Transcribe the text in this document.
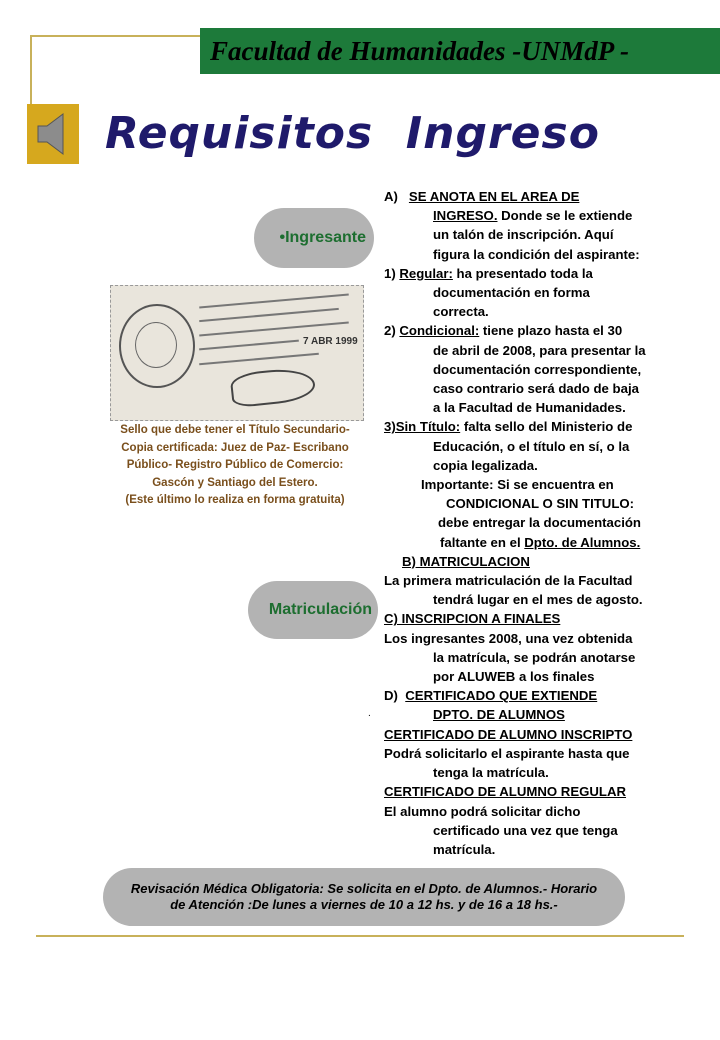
Facultad de Humanidades -UNMdP -
Requisitos  Ingreso
•Ingresante
7 ABR 1999
Sello que debe tener el Título Secundario-
Copia certificada: Juez de Paz- Escribano
Público- Registro Público de Comercio:
Gascón y Santiago del Estero.
(Este último lo realiza en forma gratuita)
Matriculación
.

A)   SE ANOTA EN EL AREA DE

INGRESO. Donde se le extiende

un talón de inscripción. Aquí

figura la condición del aspirante:

1) Regular: ha presentado toda la

documentación en forma

correcta.

2) Condicional: tiene plazo hasta el 30

de abril de 2008, para presentar la

documentación correspondiente,

caso contrario será dado de baja

a la Facultad de Humanidades.

3)Sin Título: falta sello del Ministerio de

Educación, o el título en sí, o la

copia legalizada.

Importante: Si se encuentra en

CONDICIONAL O SIN TITULO:

debe entregar la documentación

faltante en el Dpto. de Alumnos.

B) MATRICULACION

La primera matriculación de la Facultad

tendrá lugar en el mes de agosto.

C) INSCRIPCION A FINALES

Los ingresantes 2008, una vez obtenida

la matrícula, se podrán anotarse

por ALUWEB a los finales

D)  CERTIFICADO QUE EXTIENDE

DPTO. DE ALUMNOS

CERTIFICADO DE ALUMNO INSCRIPTO

Podrá solicitarlo el aspirante hasta que

tenga la matrícula.

CERTIFICADO DE ALUMNO REGULAR

El alumno podrá solicitar dicho

certificado una vez que tenga

matrícula.

Revisación Médica Obligatoria: Se solicita en el Dpto. de Alumnos.- Horario de Atención :De lunes a viernes de 10 a 12 hs. y de 16 a 18 hs.-
